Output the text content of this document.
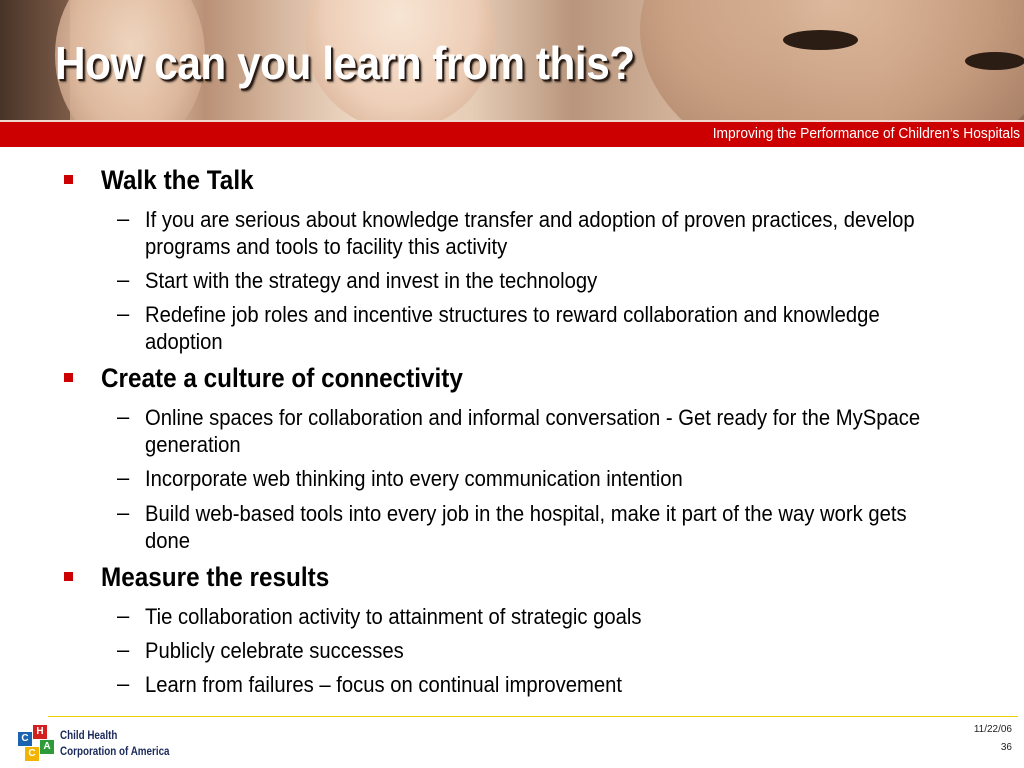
How can you learn from this?
Improving the Performance of Children’s Hospitals
Walk the Talk
– If you are serious about knowledge transfer and adoption of proven practices, develop programs and tools to facility this activity
– Start with the strategy and invest in the technology
– Redefine job roles and incentive structures to reward collaboration and knowledge adoption
Create a culture of connectivity
– Online spaces for collaboration and informal conversation - Get ready for the MySpace generation
– Incorporate web thinking into every communication intention
– Build web-based tools into every job in the hospital, make it part of the way work gets done
Measure the results
– Tie collaboration activity to attainment of strategic goals
– Publicly celebrate successes
– Learn from failures – focus on continual improvement
C
H
C
A
Child Health
Corporation of America
11/22/06
36
